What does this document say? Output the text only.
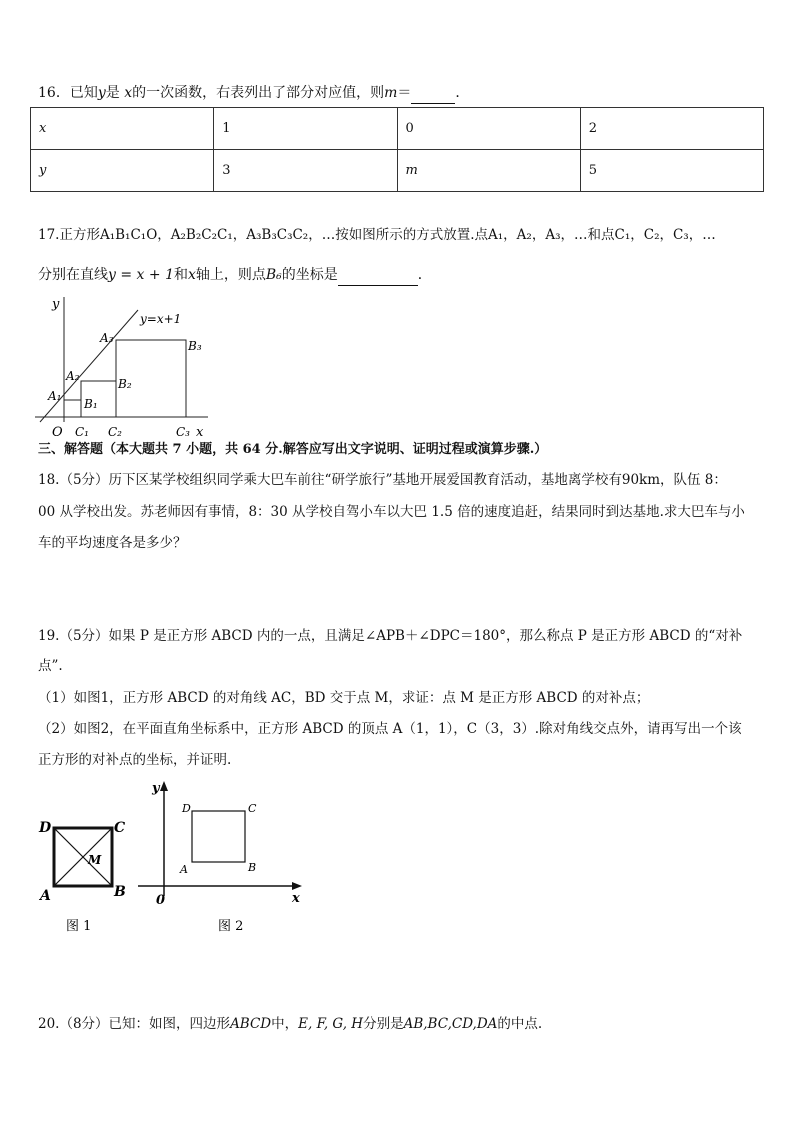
16．已知y是 x的一次函数，右表列出了部分对应值，则m＝	．
x	1	0	2
y	3	m	5
17.正方形A₁B₁C₁O，A₂B₂C₂C₁，A₃B₃C₃C₂，…按如图所示的方式放置.点A₁，A₂，A₃，…和点C₁，C₂，C₃，…
分别在直线y = x + 1和x轴上，则点B₆的坐标是	．
y=x+1
y
x
O
A₁
A₂
A₃
B₁
B₂
B₃
C₁ C₂	C₃
三、解答题（本大题共 7 小题，共 64 分.解答应写出文字说明、证明过程或演算步骤.）
18.（5分）历下区某学校组织同学乘大巴车前往“研学旅行”基地开展爱国教育活动，基地离学校有90km，队伍 8：
00 从学校出发。苏老师因有事情，8：30 从学校自驾小车以大巴 1.5 倍的速度追赶，结果同时到达基地.求大巴车与小
车的平均速度各是多少？
19.（5分）如果 P 是正方形 ABCD 内的一点，且满足∠APB＋∠DPC＝180°，那么称点 P 是正方形 ABCD 的“对补
点”.
（1）如图1，正方形 ABCD 的对角线 AC，BD 交于点 M，求证：点 M 是正方形 ABCD 的对补点；
（2）如图2，在平面直角坐标系中，正方形 ABCD 的顶点 A（1，1），C（3，3）.除对角线交点外，请再写出一个该
正方形的对补点的坐标，并证明.
D	C
A	B
M
图 1
y
x
0
D	C
A	B
图 2
20.（8分）已知：如图，四边形ABCD中，E, F, G, H分别是AB,BC,CD,DA的中点.
